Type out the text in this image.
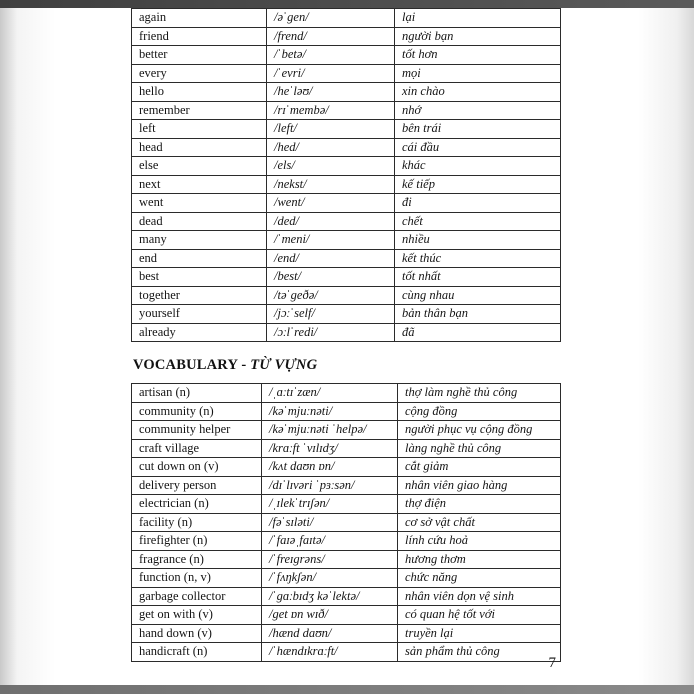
again	/əˈgen/	lại
friend	/frend/	người bạn
better	/ˈbetə/	tốt hơn
every	/ˈevri/	mọi
hello	/heˈləʊ/	xin chào
remember	/rɪˈmembə/	nhớ
left	/left/	bên trái
head	/hed/	cái đầu
else	/els/	khác
next	/nekst/	kế tiếp
went	/went/	đi
dead	/ded/	chết
many	/ˈmeni/	nhiều
end	/end/	kết thúc
best	/best/	tốt nhất
together	/təˈgeðə/	cùng nhau
yourself	/jɔːˈself/	bản thân bạn
already	/ɔːlˈredi/	đã
VOCABULARY - TỪ VỰNG
artisan (n)	/ˌɑːtɪˈzæn/	thợ làm nghề thủ công
community (n)	/kəˈmjuːnəti/	cộng đồng
community helper	/kəˈmjuːnəti ˈhelpə/	người phục vụ cộng đồng
craft village	/krɑːft ˈvɪlɪdʒ/	làng nghề thủ công
cut down on (v)	/kʌt daʊn ɒn/	cắt giảm
delivery person	/dɪˈlɪvəri ˈpɜːsən/	nhân viên giao hàng
electrician (n)	/ˌɪlekˈtrɪʃən/	thợ điện
facility (n)	/fəˈsɪləti/	cơ sở vật chất
firefighter (n)	/ˈfaɪəˌfaɪtə/	lính cứu hoả
fragrance (n)	/ˈfreɪgrəns/	hương thơm
function (n, v)	/ˈfʌŋkʃən/	chức năng
garbage collector	/ˈgɑːbɪdʒ kəˈlektə/	nhân viên dọn vệ sinh
get on with (v)	/get ɒn wɪð/	có quan hệ tốt với
hand down (v)	/hænd daʊn/	truyền lại
handicraft (n)	/ˈhændɪkrɑːft/	sản phẩm thủ công
7
